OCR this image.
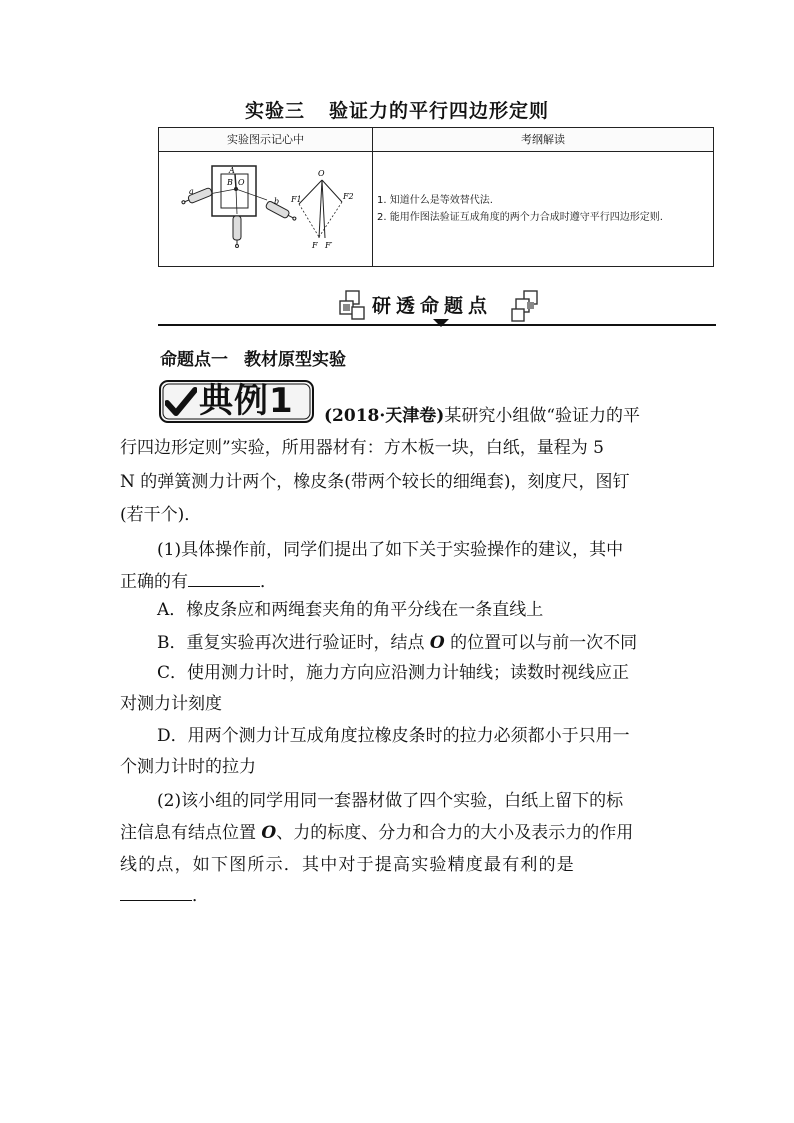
实验三 验证力的平行四边形定则
实验图示记心中	考纲解读
A
B O
a
b
O
F1	F2
F F′
1. 知道什么是等效替代法.
2. 能用作图法验证互成角度的两个力合成时遵守平行四边形定则.
研透命题点
命题点一 教材原型实验
典例1 (2018·天津卷)某研究小组做“验证力的平
行四边形定则”实验，所用器材有：方木板一块，白纸，量程为 5
N 的弹簧测力计两个，橡皮条(带两个较长的细绳套)，刻度尺，图钉
(若干个)．
(1)具体操作前，同学们提出了如下关于实验操作的建议，其中
正确的有	．
A．橡皮条应和两绳套夹角的角平分线在一条直线上
B．重复实验再次进行验证时，结点 O 的位置可以与前一次不同
C．使用测力计时，施力方向应沿测力计轴线；读数时视线应正
对测力计刻度
D．用两个测力计互成角度拉橡皮条时的拉力必须都小于只用一
个测力计时的拉力
(2)该小组的同学用同一套器材做了四个实验，白纸上留下的标
注信息有结点位置 O、力的标度、分力和合力的大小及表示力的作用
线的点，如下图所示．其中对于提高实验精度最有利的是
．
